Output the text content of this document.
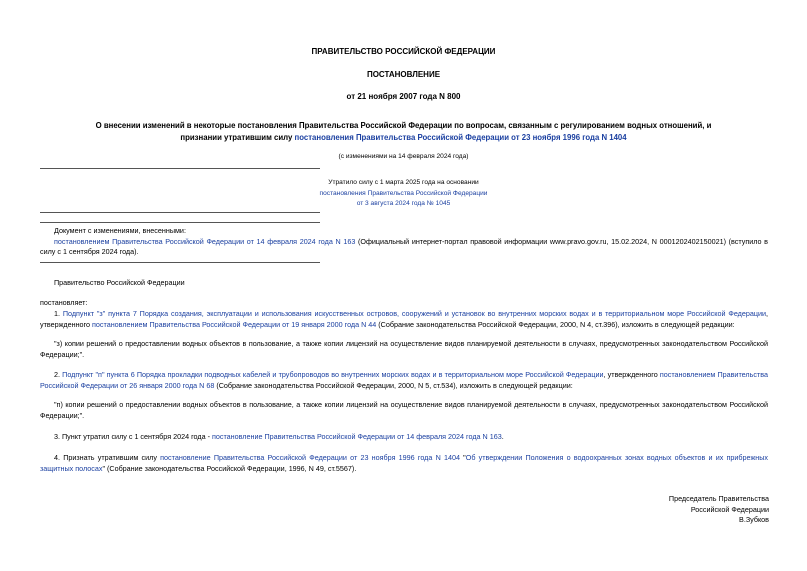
ПРАВИТЕЛЬСТВО РОССИЙСКОЙ ФЕДЕРАЦИИ
ПОСТАНОВЛЕНИЕ
от 21 ноября 2007 года N 800
О внесении изменений в некоторые постановления Правительства Российской Федерации по вопросам, связанным с регулированием водных отношений, и
признании утратившим силу постановления Правительства Российской Федерации от 23 ноября 1996 года N 1404
(с изменениями на 14 февраля 2024 года)
Утратило силу с 1 марта 2025 года на основании
постановления Правительства Российской Федерации
от 3 августа 2024 года № 1045
Документ с изменениями, внесенными:
постановлением Правительства Российской Федерации от 14 февраля 2024 года N 163 (Официальный интернет-портал правовой информации www.pravo.gov.ru, 15.02.2024, N 0001202402150021) (вступило в силу с 1 сентября 2024 года).
Правительство Российской Федерации
постановляет:
1. Подпункт "з" пункта 7 Порядка создания, эксплуатации и использования искусственных островов, сооружений и установок во внутренних морских водах и в территориальном море Российской Федерации, утвержденного постановлением Правительства Российской Федерации от 19 января 2000 года N 44 (Собрание законодательства Российской Федерации, 2000, N 4, ст.396), изложить в следующей редакции:
"з) копии решений о предоставлении водных объектов в пользование, а также копии лицензий на осуществление видов планируемой деятельности в случаях, предусмотренных законодательством Российской Федерации;".
2. Подпункт "п" пункта 6 Порядка прокладки подводных кабелей и трубопроводов во внутренних морских водах и в территориальном море Российской Федерации, утвержденного постановлением Правительства Российской Федерации от 26 января 2000 года N 68 (Собрание законодательства Российской Федерации, 2000, N 5, ст.534), изложить в следующей редакции:
"п) копии решений о предоставлении водных объектов в пользование, а также копии лицензий на осуществление видов планируемой деятельности в случаях, предусмотренных законодательством Российской Федерации;".
3. Пункт утратил силу с 1 сентября 2024 года - постановление Правительства Российской Федерации от 14 февраля 2024 года N 163.
4. Признать утратившим силу постановление Правительства Российской Федерации от 23 ноября 1996 года N 1404 "Об утверждении Положения о водоохранных зонах водных объектов и их прибрежных защитных полосах" (Собрание законодательства Российской Федерации, 1996, N 49, ст.5567).
Председатель Правительства
Российской Федерации
В.Зубков
